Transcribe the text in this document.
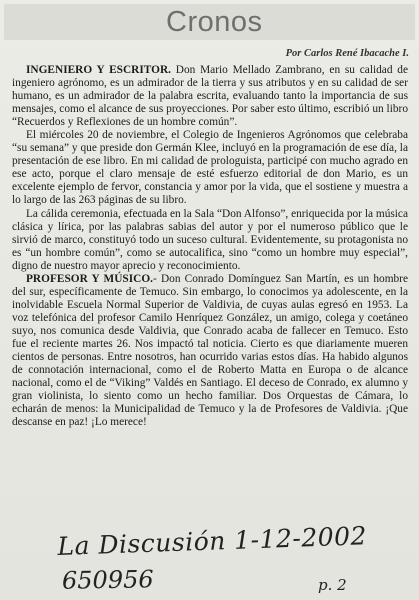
Cronos
Por Carlos René Ibacache I.

INGENIERO Y ESCRITOR. Don Mario Mellado Zambrano, en su calidad de ingeniero agrónomo, es un admirador de la tierra y sus atributos y en su calidad de ser humano, es un admirador de la palabra escrita, evaluando tanto la importancia de sus mensajes, como el alcance de sus proyecciones. Por saber esto último, escribió un libro “Recuerdos y Reflexiones de un hombre común”.

El miércoles 20 de noviembre, el Colegio de Ingenieros Agrónomos que celebraba “su semana” y que preside don Germán Klee, incluyó en la programación de ese día, la presentación de ese libro. En mi calidad de prologuista, participé con mucho agrado en ese acto, porque el claro mensaje de esté esfuerzo editorial de don Mario, es un excelente ejemplo de fervor, constancia y amor por la vida, que el sostiene y muestra a lo largo de las 263 páginas de su libro.

La cálida ceremonia, efectuada en la Sala “Don Alfonso”, enriquecida por la música clásica y lírica, por las palabras sabias del autor y por el numeroso público que le sirvió de marco, constituyó todo un suceso cultural. Evidentemente, su protagonista no es “un hombre común”, como se autocalifica, sino “como un hombre muy especial”, digno de nuestro mayor aprecio y reconocimiento.

PROFESOR Y MÚSICO.- Don Conrado Domínguez San Martín, es un hombre del sur, específicamente de Temuco. Sin embargo, lo conocimos ya adolescente, en la inolvidable Escuela Normal Superior de Valdivia, de cuyas aulas egresó en 1953. La voz telefónica del profesor Camilo Henríquez González, un amigo, colega y coetáneo suyo, nos comunica desde Valdivia, que Conrado acaba de fallecer en Temuco. Esto fue el reciente martes 26. Nos impactó tal noticia. Cierto es que diariamente mueren cientos de personas. Entre nosotros, han ocurrido varias estos días. Ha habido algunos de connotación internacional, como el de Roberto Matta en Europa o de alcance nacional, como el de “Viking” Valdés en Santiago. El deceso de Conrado, ex alumno y gran violinista, lo siento como un hecho familiar. Dos Orquestas de Cámara, lo echarán de menos: la Municipalidad de Temuco y la de Profesores de Valdivia. ¡Que descanse en paz! ¡Lo merece!

La Discusión 1-12-2002
650956	p. 2
